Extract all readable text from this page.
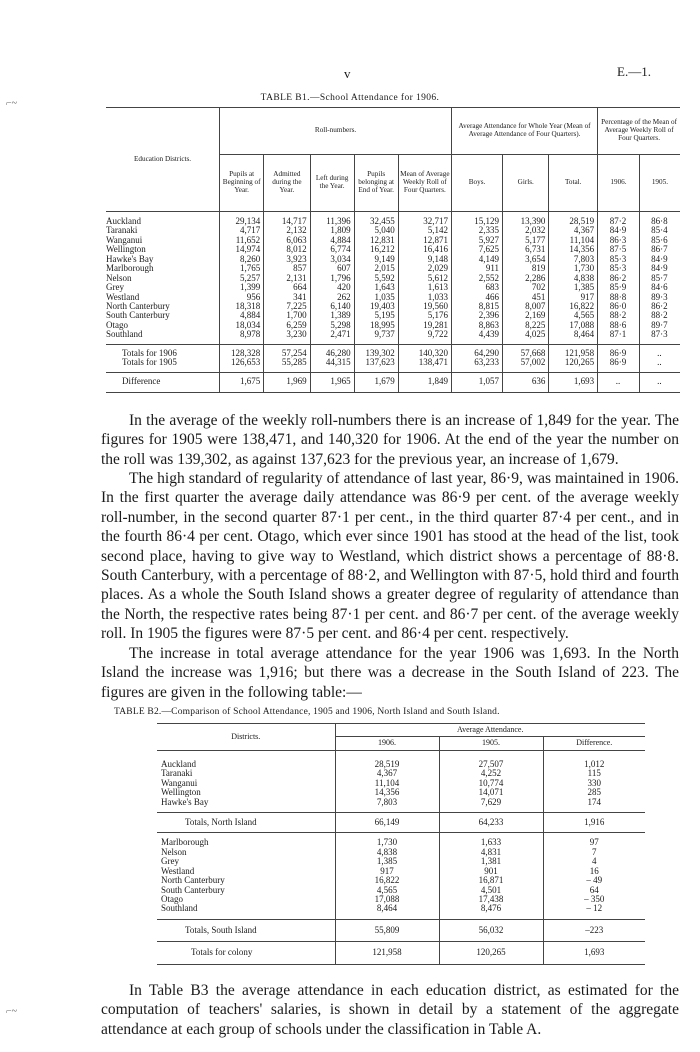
v	E.—1.
TABLE B1.—School Attendance for 1906.
Education Districts.	Roll-numbers.					Average Attendance for Whole Year (Mean of Average Attendance of Four Quarters).			Percentage of the Mean of Average Weekly Roll of Four Quarters.	
	Pupils at Beginning of Year.	Admitted during the Year.	Left during the Year.	Pupils belonging at End of Year.	Mean of Average Weekly Roll of Four Quarters.	Boys.	Girls.	Total.	1906.	1905.
Auckland	29,134	14,717	11,396	32,455	32,717	15,129	13,390	28,519	87·2	86·8
Taranaki	4,717	2,132	1,809	5,040	5,142	2,335	2,032	4,367	84·9	85·4
Wanganui	11,652	6,063	4,884	12,831	12,871	5,927	5,177	11,104	86·3	85·6
Wellington	14,974	8,012	6,774	16,212	16,416	7,625	6,731	14,356	87·5	86·7
Hawke's Bay	8,260	3,923	3,034	9,149	9,148	4,149	3,654	7,803	85·3	84·9
Marlborough	1,765	857	607	2,015	2,029	911	819	1,730	85·3	84·9
Nelson	5,257	2,131	1,796	5,592	5,612	2,552	2,286	4,838	86·2	85·7
Grey	1,399	664	420	1,643	1,613	683	702	1,385	85·9	84·6
Westland	956	341	262	1,035	1,033	466	451	917	88·8	89·3
North Canterbury	18,318	7,225	6,140	19,403	19,560	8,815	8,007	16,822	86·0	86·2
South Canterbury	4,884	1,700	1,389	5,195	5,176	2,396	2,169	4,565	88·2	88·2
Otago	18,034	6,259	5,298	18,995	19,281	8,863	8,225	17,088	88·6	89·7
Southland	8,978	3,230	2,471	9,737	9,722	4,439	4,025	8,464	87·1	87·3
Totals for 1906	128,328	57,254	46,280	139,302	140,320	64,290	57,668	121,958	86·9	..
Totals for 1905	126,653	55,285	44,315	137,623	138,471	63,233	57,002	120,265	86·9	..
Difference	1,675	1,969	1,965	1,679	1,849	1,057	636	1,693	..	..

In the average of the weekly roll-numbers there is an increase of 1,849 for the year. The figures for 1905 were 138,471, and 140,320 for 1906. At the end of the year the number on the roll was 139,302, as against 137,623 for the previous year, an increase of 1,679.

The high standard of regularity of attendance of last year, 86·9, was maintained in 1906. In the first quarter the average daily attendance was 86·9 per cent. of the average weekly roll-number, in the second quarter 87·1 per cent., in the third quarter 87·4 per cent., and in the fourth 86·4 per cent. Otago, which ever since 1901 has stood at the head of the list, took second place, having to give way to Westland, which district shows a percentage of 88·8. South Canterbury, with a percentage of 88·2, and Wellington with 87·5, hold third and fourth places. As a whole the South Island shows a greater degree of regularity of attendance than the North, the respective rates being 87·1 per cent. and 86·7 per cent. of the average weekly roll. In 1905 the figures were 87·5 per cent. and 86·4 per cent. respectively.

The increase in total average attendance for the year 1906 was 1,693. In the North Island the increase was 1,916; but there was a decrease in the South Island of 223. The figures are given in the following table:—

TABLE B2.—Comparison of School Attendance, 1905 and 1906, North Island and South Island.
Districts.	Average Attendance.		
	1906.	1905.	Difference.
Auckland	28,519	27,507	1,012
Taranaki	4,367	4,252	115
Wanganui	11,104	10,774	330
Wellington	14,356	14,071	285
Hawke's Bay	7,803	7,629	174
Totals, North Island	66,149	64,233	1,916
Marlborough	1,730	1,633	97
Nelson	4,838	4,831	7
Grey	1,385	1,381	4
Westland	917	901	16
North Canterbury	16,822	16,871	– 49
South Canterbury	4,565	4,501	64
Otago	17,088	17,438	– 350
Southland	8,464	8,476	– 12
Totals, South Island	55,809	56,032	–223
Totals for colony	121,958	120,265	1,693

In Table B3 the average attendance in each education district, as estimated for the computation of teachers' salaries, is shown in detail by a statement of the aggregate attendance at each group of schools under the classification in Table A.

⌐~
⌐~
